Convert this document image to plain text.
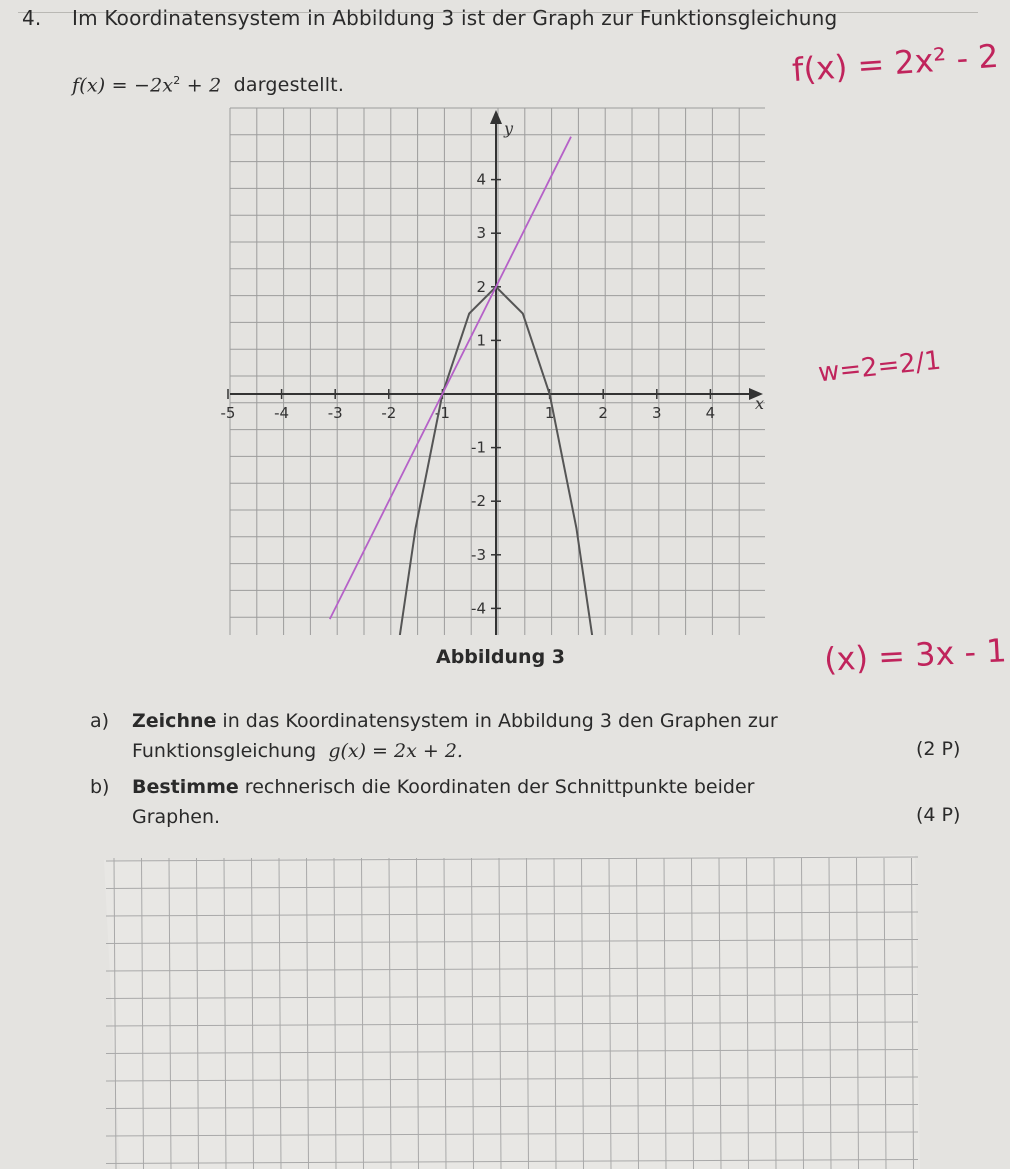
4. Im Koordinatensystem in Abbildung 3 ist der Graph zur Funktionsgleichung
$f(x) = -2x^2 + 2$ dargestellt.
x
y
-5	-4	-3	-2	-1	1	2	3	4
4
3
2
1
-1
-2
-3
-4
Abbildung 3
a) Zeichne in das Koordinatensystem in Abbildung 3 den Graphen zur
Funktionsgleichung g(x) = 2x + 2.	(2 P)
b) Bestimme rechnerisch die Koordinaten der Schnittpunkte beider
Graphen.	(4 P)
f(x) = 2x² - 2
w=2=2/1
(x) = 3x - 1
